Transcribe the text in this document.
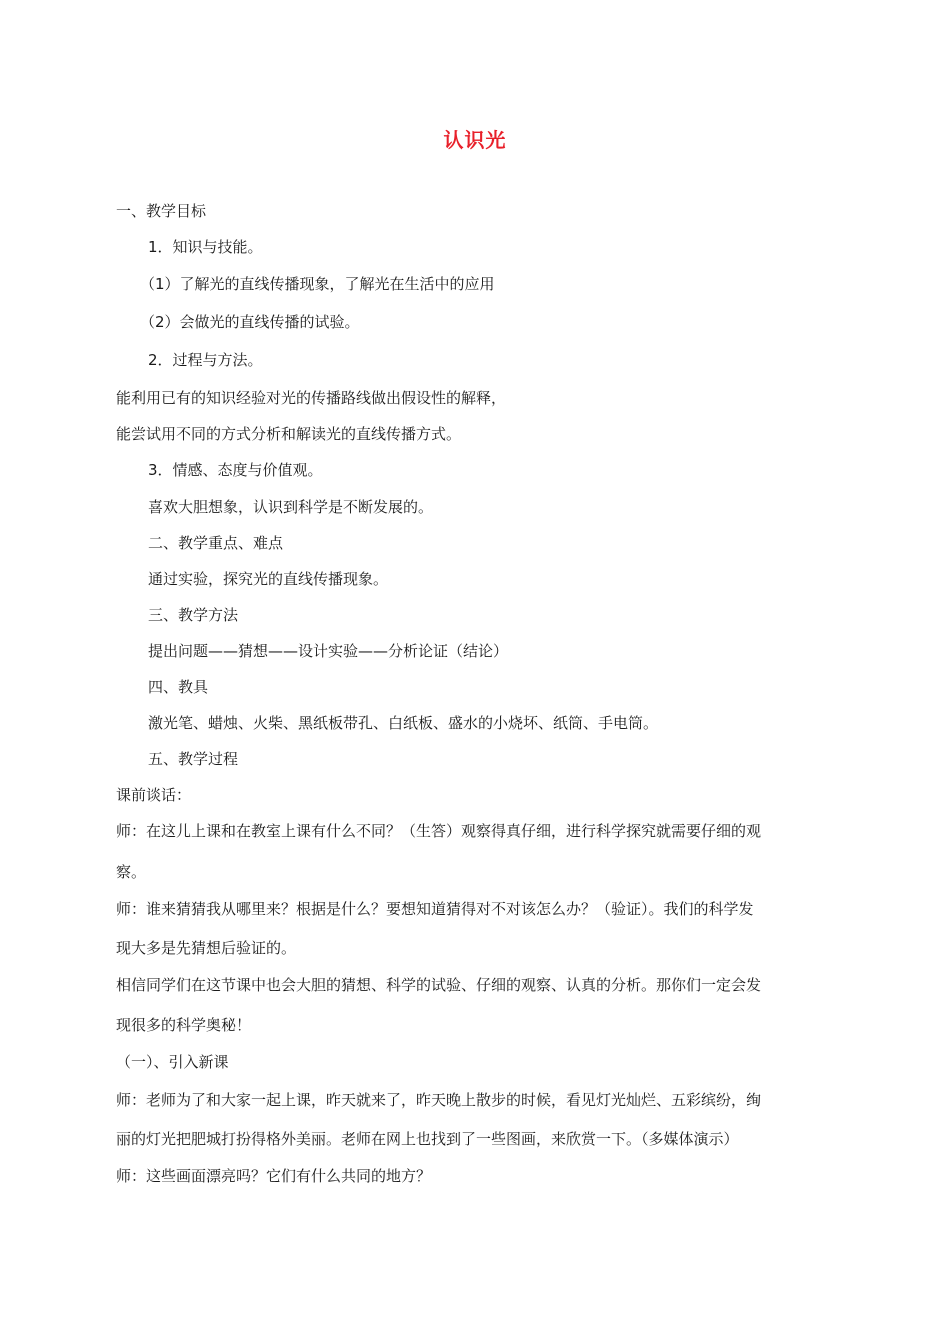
认识光
一、教学目标
1．知识与技能。
（1）了解光的直线传播现象，了解光在生活中的应用
（2）会做光的直线传播的试验。
2．过程与方法。
能利用已有的知识经验对光的传播路线做出假设性的解释，
能尝试用不同的方式分析和解读光的直线传播方式。
3．情感、态度与价值观。
喜欢大胆想象，认识到科学是不断发展的。
二、教学重点、难点
通过实验，探究光的直线传播现象。
三、教学方法
提出问题——猜想——设计实验——分析论证（结论）
四、教具
激光笔、蜡烛、火柴、黑纸板带孔、白纸板、盛水的小烧坏、纸筒、手电筒。
五、教学过程
课前谈话：
师：在这儿上课和在教室上课有什么不同？（生答）观察得真仔细，进行科学探究就需要仔细的观
察。
师：谁来猜猜我从哪里来？根据是什么？要想知道猜得对不对该怎么办？（验证）。我们的科学发
现大多是先猜想后验证的。
相信同学们在这节课中也会大胆的猜想、科学的试验、仔细的观察、认真的分析。那你们一定会发
现很多的科学奥秘！
（一）、引入新课
师：老师为了和大家一起上课，昨天就来了，昨天晚上散步的时候，看见灯光灿烂、五彩缤纷，绚
丽的灯光把肥城打扮得格外美丽。老师在网上也找到了一些图画，来欣赏一下。（多媒体演示）
师：这些画面漂亮吗？它们有什么共同的地方？
